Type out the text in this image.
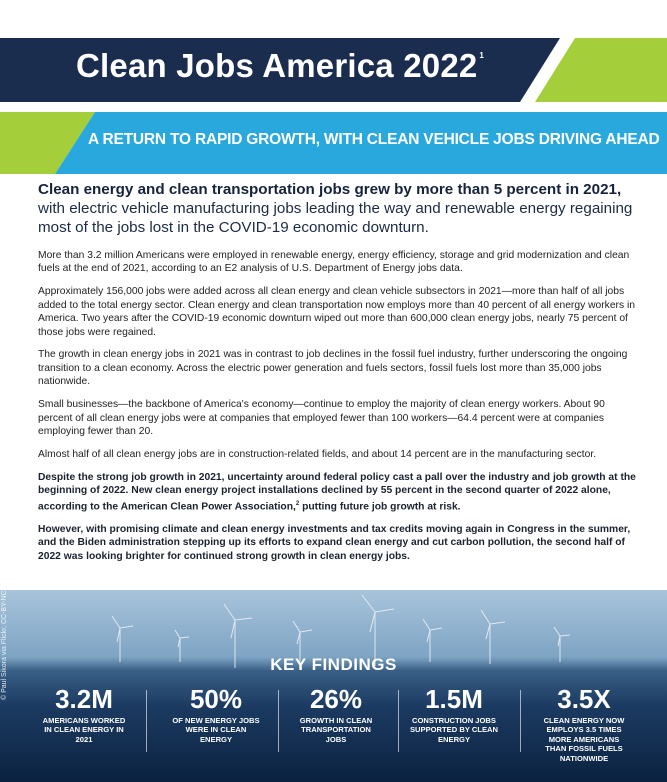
Clean Jobs America 2022 $^1$
A RETURN TO RAPID GROWTH, WITH CLEAN VEHICLE JOBS DRIVING AHEAD

Clean energy and clean transportation jobs grew by more than 5 percent in 2021, with electric vehicle manufacturing jobs leading the way and renewable energy regaining most of the jobs lost in the COVID-19 economic downturn.

More than 3.2 million Americans were employed in renewable energy, energy efficiency, storage and grid modernization and clean fuels at the end of 2021, according to an E2 analysis of U.S. Department of Energy jobs data.

Approximately 156,000 jobs were added across all clean energy and clean vehicle subsectors in 2021—more than half of all jobs added to the total energy sector. Clean energy and clean transportation now employs more than 40 percent of all energy workers in America. Two years after the COVID-19 economic downturn wiped out more than 600,000 clean energy jobs, nearly 75 percent of those jobs were regained.

The growth in clean energy jobs in 2021 was in contrast to job declines in the fossil fuel industry, further underscoring the ongoing transition to a clean economy. Across the electric power generation and fuels sectors, fossil fuels lost more than 35,000 jobs nationwide.

Small businesses—the backbone of America's economy—continue to employ the majority of clean energy workers. About 90 percent of all clean energy jobs were at companies that employed fewer than 100 workers—64.4 percent were at companies employing fewer than 20.

Almost half of all clean energy jobs are in construction-related fields, and about 14 percent are in the manufacturing sector.

Despite the strong job growth in 2021, uncertainty around federal policy cast a pall over the industry and job growth at the beginning of 2022. New clean energy project installations declined by 55 percent in the second quarter of 2022 alone, according to the American Clean Power Association,$^2$ putting future job growth at risk.

However, with promising climate and clean energy investments and tax credits moving again in Congress in the summer, and the Biden administration stepping up its efforts to expand clean energy and cut carbon pollution, the second half of 2022 was looking brighter for continued strong growth in clean energy jobs.

© Paul Sikora via Flickr, CC-BY-NC 4.0	KEY FINDINGS
3.2M
AMERICANS WORKED IN CLEAN ENERGY IN 2021
50%
OF NEW ENERGY JOBS WERE IN CLEAN ENERGY
26%
GROWTH IN CLEAN TRANSPORTATION JOBS
1.5M
CONSTRUCTION JOBS SUPPORTED BY CLEAN ENERGY
3.5X
CLEAN ENERGY NOW EMPLOYS 3.5 TIMES MORE AMERICANS THAN FOSSIL FUELS NATIONWIDE
